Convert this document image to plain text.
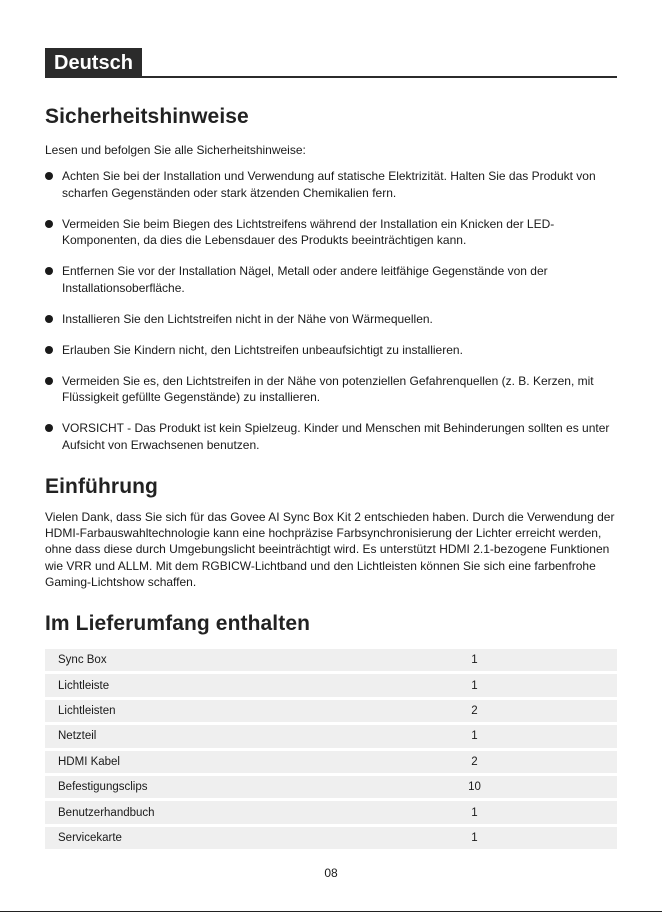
Deutsch
Sicherheitshinweise

Lesen und befolgen Sie alle Sicherheitshinweise:

Achten Sie bei der Installation und Verwendung auf statische Elektrizität. Halten Sie das Produkt von scharfen Gegenständen oder stark ätzenden Chemikalien fern.
Vermeiden Sie beim Biegen des Lichtstreifens während der Installation ein Knicken der LED-Komponenten, da dies die Lebensdauer des Produkts beeinträchtigen kann.
Entfernen Sie vor der Installation Nägel, Metall oder andere leitfähige Gegenstände von der Installationsoberfläche.
Installieren Sie den Lichtstreifen nicht in der Nähe von Wärmequellen.
Erlauben Sie Kindern nicht, den Lichtstreifen unbeaufsichtigt zu installieren.
Vermeiden Sie es, den Lichtstreifen in der Nähe von potenziellen Gefahrenquellen (z. B. Kerzen, mit Flüssigkeit gefüllte Gegenstände) zu installieren.
VORSICHT - Das Produkt ist kein Spielzeug. Kinder und Menschen mit Behinderungen sollten es unter Aufsicht von Erwachsenen benutzen.
Einführung

Vielen Dank, dass Sie sich für das Govee AI Sync Box Kit 2 entschieden haben. Durch die Verwendung der HDMI-Farbauswahltechnologie kann eine hochpräzise Farbsynchronisierung der Lichter erreicht werden, ohne dass diese durch Umgebungslicht beeinträchtigt wird. Es unterstützt HDMI 2.1-bezogene Funktionen wie VRR und ALLM. Mit dem RGBICW-Lichtband und den Lichtleisten können Sie sich eine farbenfrohe Gaming-Lichtshow schaffen.

Im Lieferumfang enthalten
Sync Box	1
Lichtleiste	1
Lichtleisten	2
Netzteil	1
HDMI Kabel	2
Befestigungsclips	10
Benutzerhandbuch	1
Servicekarte	1
08
